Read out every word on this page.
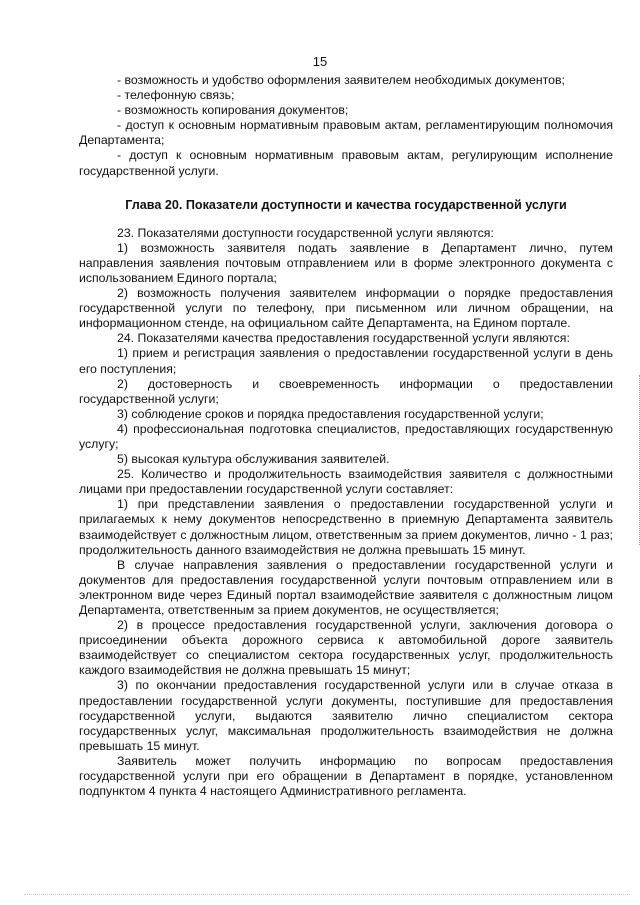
15

- возможность и удобство оформления заявителем необходимых документов;

- телефонную связь;

- возможность копирования документов;

- доступ к основным нормативным правовым актам, регламентирующим полномочия Департамента;

- доступ к основным нормативным правовым актам, регулирующим исполнение государственной услуги.

Глава 20. Показатели доступности и качества государственной услуги

23. Показателями доступности государственной услуги являются:

1) возможность заявителя подать заявление в Департамент лично, путем направления заявления почтовым отправлением или в форме электронного документа с использованием Единого портала;

2) возможность получения заявителем информации о порядке предоставления государственной услуги по телефону, при письменном или личном обращении, на информационном стенде, на официальном сайте Департамента, на Едином портале.

24. Показателями качества предоставления государственной услуги являются:

1) прием и регистрация заявления о предоставлении государственной услуги в день его поступления;

2) достоверность и своевременность информации о предоставлении государственной услуги;

3) соблюдение сроков и порядка предоставления государственной услуги;

4) профессиональная подготовка специалистов, предоставляющих государственную услугу;

5) высокая культура обслуживания заявителей.

25. Количество и продолжительность взаимодействия заявителя с должностными лицами при предоставлении государственной услуги составляет:

1) при представлении заявления о предоставлении государственной услуги и прилагаемых к нему документов непосредственно в приемную Департамента заявитель взаимодействует с должностным лицом, ответственным за прием документов, лично - 1 раз; продолжительность данного взаимодействия не должна превышать 15 минут.

В случае направления заявления о предоставлении государственной услуги и документов для предоставления государственной услуги почтовым отправлением или в электронном виде через Единый портал взаимодействие заявителя с должностным лицом Департамента, ответственным за прием документов, не осуществляется;

2) в процессе предоставления государственной услуги, заключения договора о присоединении объекта дорожного сервиса к автомобильной дороге заявитель взаимодействует со специалистом сектора государственных услуг, продолжительность каждого взаимодействия не должна превышать 15 минут;

3) по окончании предоставления государственной услуги или в случае отказа в предоставлении государственной услуги документы, поступившие для предоставления государственной услуги, выдаются заявителю лично специалистом сектора государственных услуг, максимальная продолжительность взаимодействия не должна превышать 15 минут.

Заявитель может получить информацию по вопросам предоставления государственной услуги при его обращении в Департамент в порядке, установленном подпунктом 4 пункта 4 настоящего Административного регламента.
